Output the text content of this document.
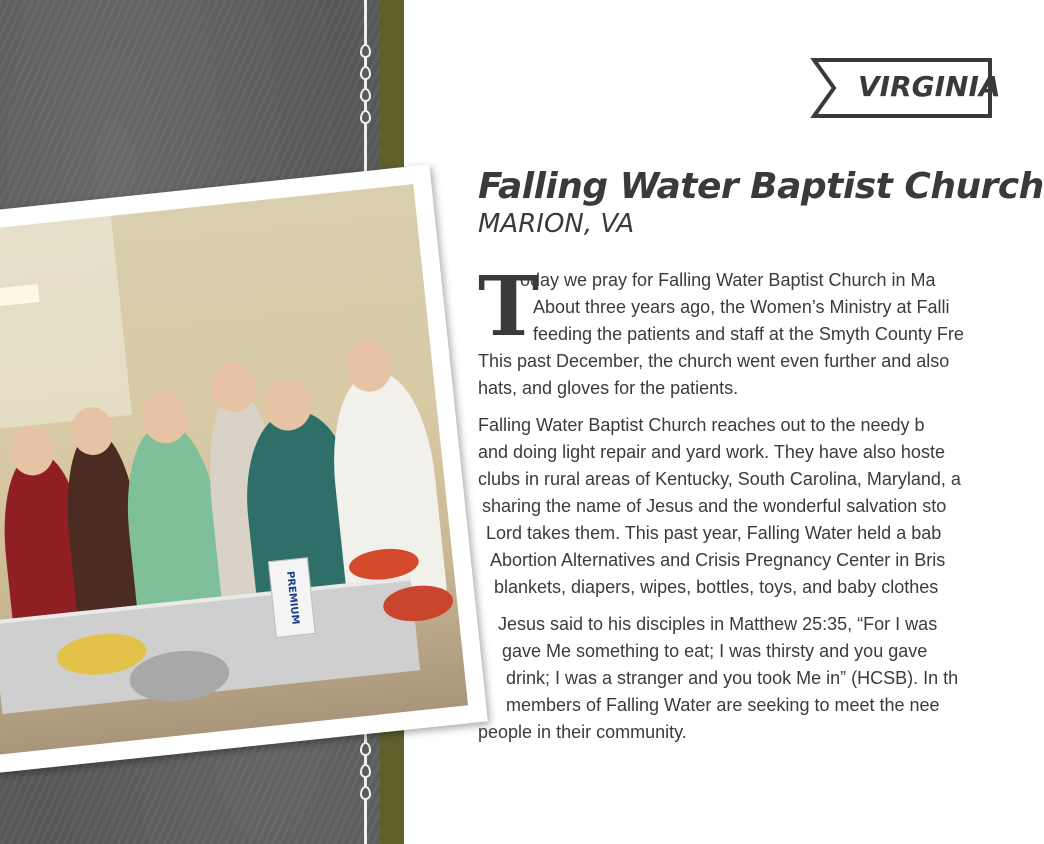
PREMIUM
VIRGINIA
Falling Water Baptist Church
MARION, VA
T
oday we pray for Falling Water Baptist Church in Ma
About three years ago, the Women’s Ministry at Falli
feeding the patients and staff at the Smyth County Fre
This past December, the church went even further and also
hats, and gloves for the patients.
Falling Water Baptist Church reaches out to the needy b
and doing light repair and yard work. They have also hoste
clubs in rural areas of Kentucky, South Carolina, Maryland, a
sharing the name of Jesus and the wonderful salvation sto
Lord takes them. This past year, Falling Water held a bab
Abortion Alternatives and Crisis Pregnancy Center in Bris
blankets, diapers, wipes, bottles, toys, and baby clothes
Jesus said to his disciples in Matthew 25:35, “For I was
gave Me something to eat; I was thirsty and you gave
drink; I was a stranger and you took Me in” (HCSB). In th
members of Falling Water are seeking to meet the nee
people in their community.
